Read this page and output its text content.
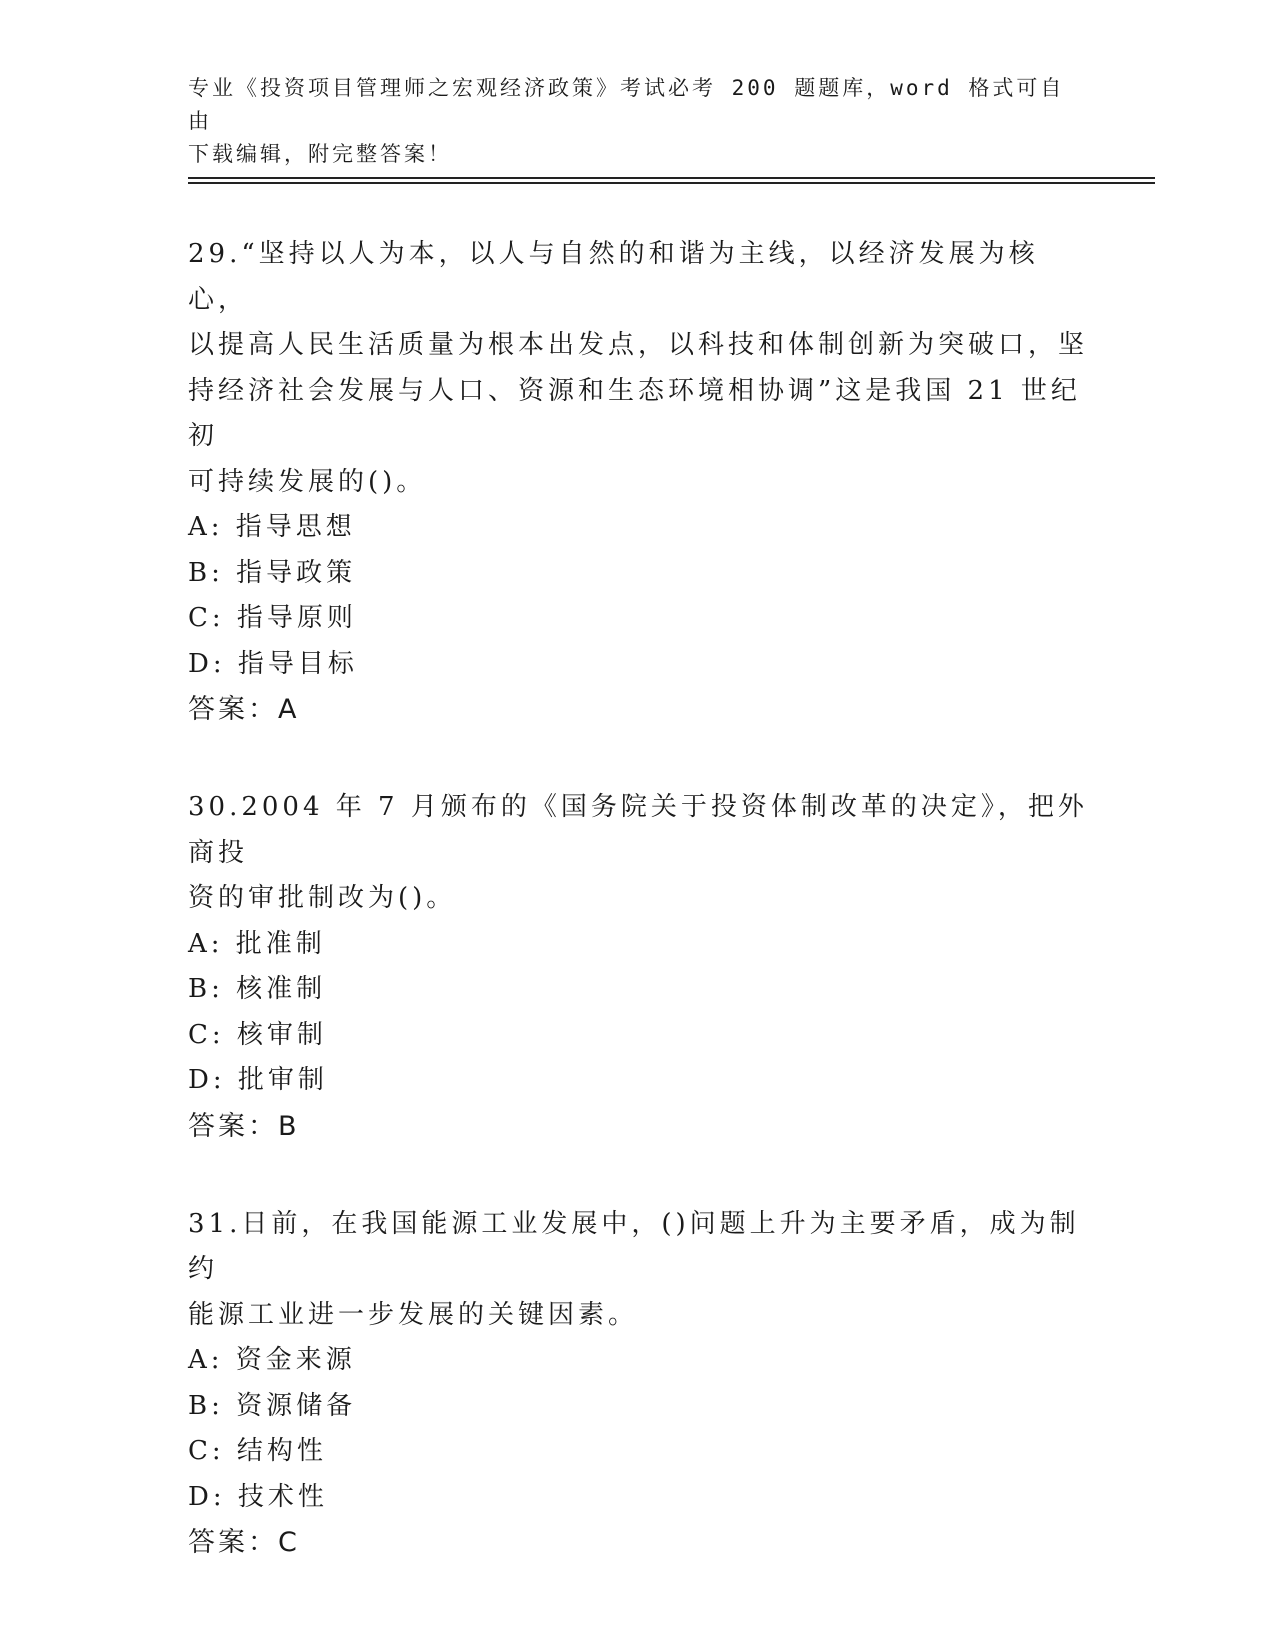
专业《投资项目管理师之宏观经济政策》考试必考 200 题题库，word 格式可自由
下载编辑，附完整答案！

29.“坚持以人为本，以人与自然的和谐为主线，以经济发展为核心，

以提高人民生活质量为根本出发点，以科技和体制创新为突破口，坚

持经济社会发展与人口、资源和生态环境相协调”这是我国 21 世纪初

可持续发展的()。

A: 指导思想

B: 指导政策

C: 指导原则

D: 指导目标

答案：A

30.2004 年 7 月颁布的《国务院关于投资体制改革的决定》，把外商投

资的审批制改为()。

A: 批准制

B: 核准制

C: 核审制

D: 批审制

答案：B

31.日前，在我国能源工业发展中，()问题上升为主要矛盾，成为制约

能源工业进一步发展的关键因素。

A: 资金来源

B: 资源储备

C: 结构性

D: 技术性

答案：C
